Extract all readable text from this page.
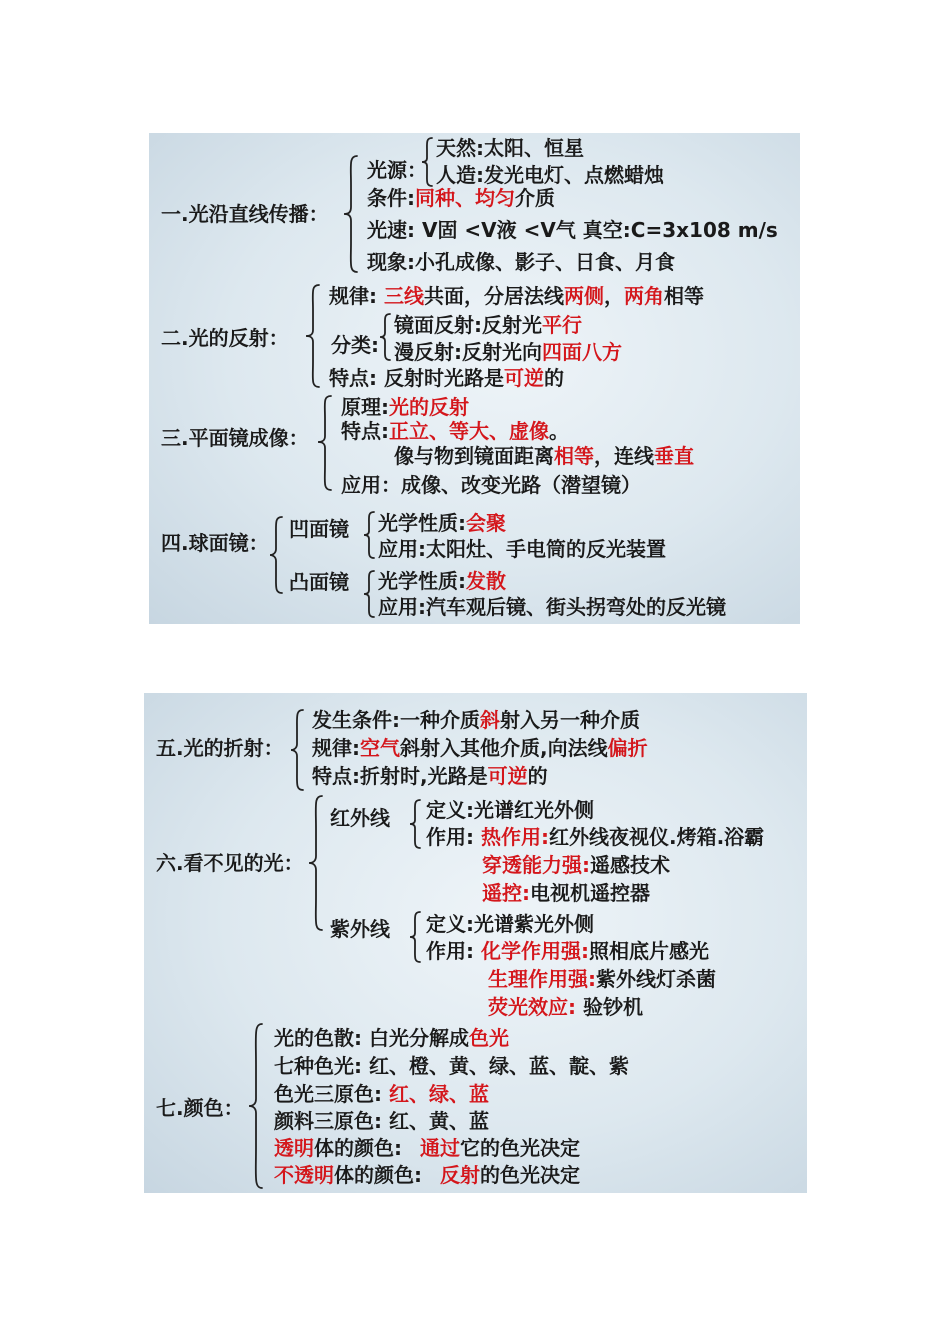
一.光沿直线传播：
光源：
天然:太阳、恒星
人造:发光电灯、点燃蜡烛
条件:同种、均匀介质
光速: V固 <V液 <V气 真空:C=3x108 m/s
现象:小孔成像、影子、日食、月食
二.光的反射：
规律: 三线共面，分居法线两侧，两角相等
分类:
镜面反射:反射光平行
漫反射:反射光向四面八方
特点: 反射时光路是可逆的
三.平面镜成像：
原理:光的反射
特点:正立、等大、虚像。
像与物到镜面距离相等，连线垂直
应用：成像、改变光路（潜望镜）
四.球面镜：
凹面镜 光学性质:会聚
应用:太阳灶、手电筒的反光装置
凸面镜 光学性质:发散
应用:汽车观后镜、街头拐弯处的反光镜
五.光的折射：
发生条件:一种介质斜射入另一种介质
规律:空气斜射入其他介质,向法线偏折
特点:折射时,光路是可逆的
六.看不见的光：
红外线 定义:光谱红光外侧
作用: 热作用:红外线夜视仪.烤箱.浴霸
穿透能力强:遥感技术
遥控:电视机遥控器
紫外线 定义:光谱紫光外侧
作用: 化学作用强:照相底片感光
生理作用强:紫外线灯杀菌
荧光效应: 验钞机
七.颜色：
光的色散: 白光分解成色光
七种色光: 红、橙、黄、绿、蓝、靛、紫
色光三原色: 红、绿、蓝
颜料三原色: 红、黄、蓝
透明体的颜色: 通过它的色光决定
不透明体的颜色: 反射的色光决定
